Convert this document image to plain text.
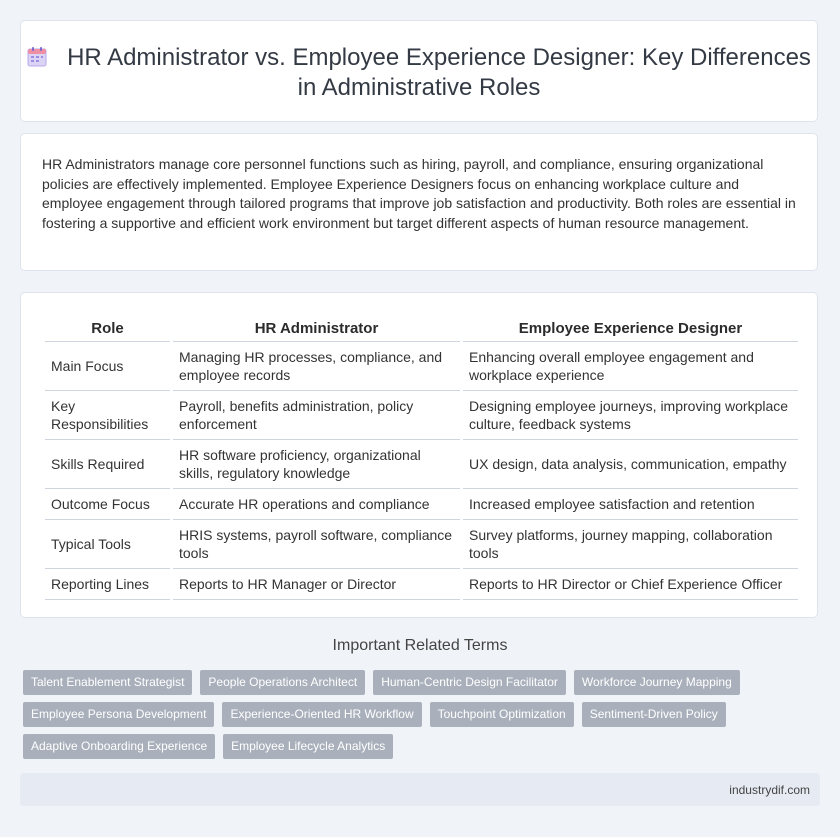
HR Administrator vs. Employee Experience Designer: Key Differences in Administrative Roles
HR Administrators manage core personnel functions such as hiring, payroll, and compliance, ensuring organizational policies are effectively implemented. Employee Experience Designers focus on enhancing workplace culture and employee engagement through tailored programs that improve job satisfaction and productivity. Both roles are essential in fostering a supportive and efficient work environment but target different aspects of human resource management.
Role	HR Administrator	Employee Experience Designer
Main Focus	Managing HR processes, compliance, and employee records	Enhancing overall employee engagement and workplace experience
Key Responsibilities	Payroll, benefits administration, policy enforcement	Designing employee journeys, improving workplace culture, feedback systems
Skills Required	HR software proficiency, organizational skills, regulatory knowledge	UX design, data analysis, communication, empathy
Outcome Focus	Accurate HR operations and compliance	Increased employee satisfaction and retention
Typical Tools	HRIS systems, payroll software, compliance tools	Survey platforms, journey mapping, collaboration tools
Reporting Lines	Reports to HR Manager or Director	Reports to HR Director or Chief Experience Officer
Important Related Terms
Talent Enablement Strategist	People Operations Architect	Human-Centric Design Facilitator	Workforce Journey Mapping
Employee Persona Development	Experience-Oriented HR Workflow	Touchpoint Optimization	Sentiment-Driven Policy
Adaptive Onboarding Experience	Employee Lifecycle Analytics
industrydif.com
